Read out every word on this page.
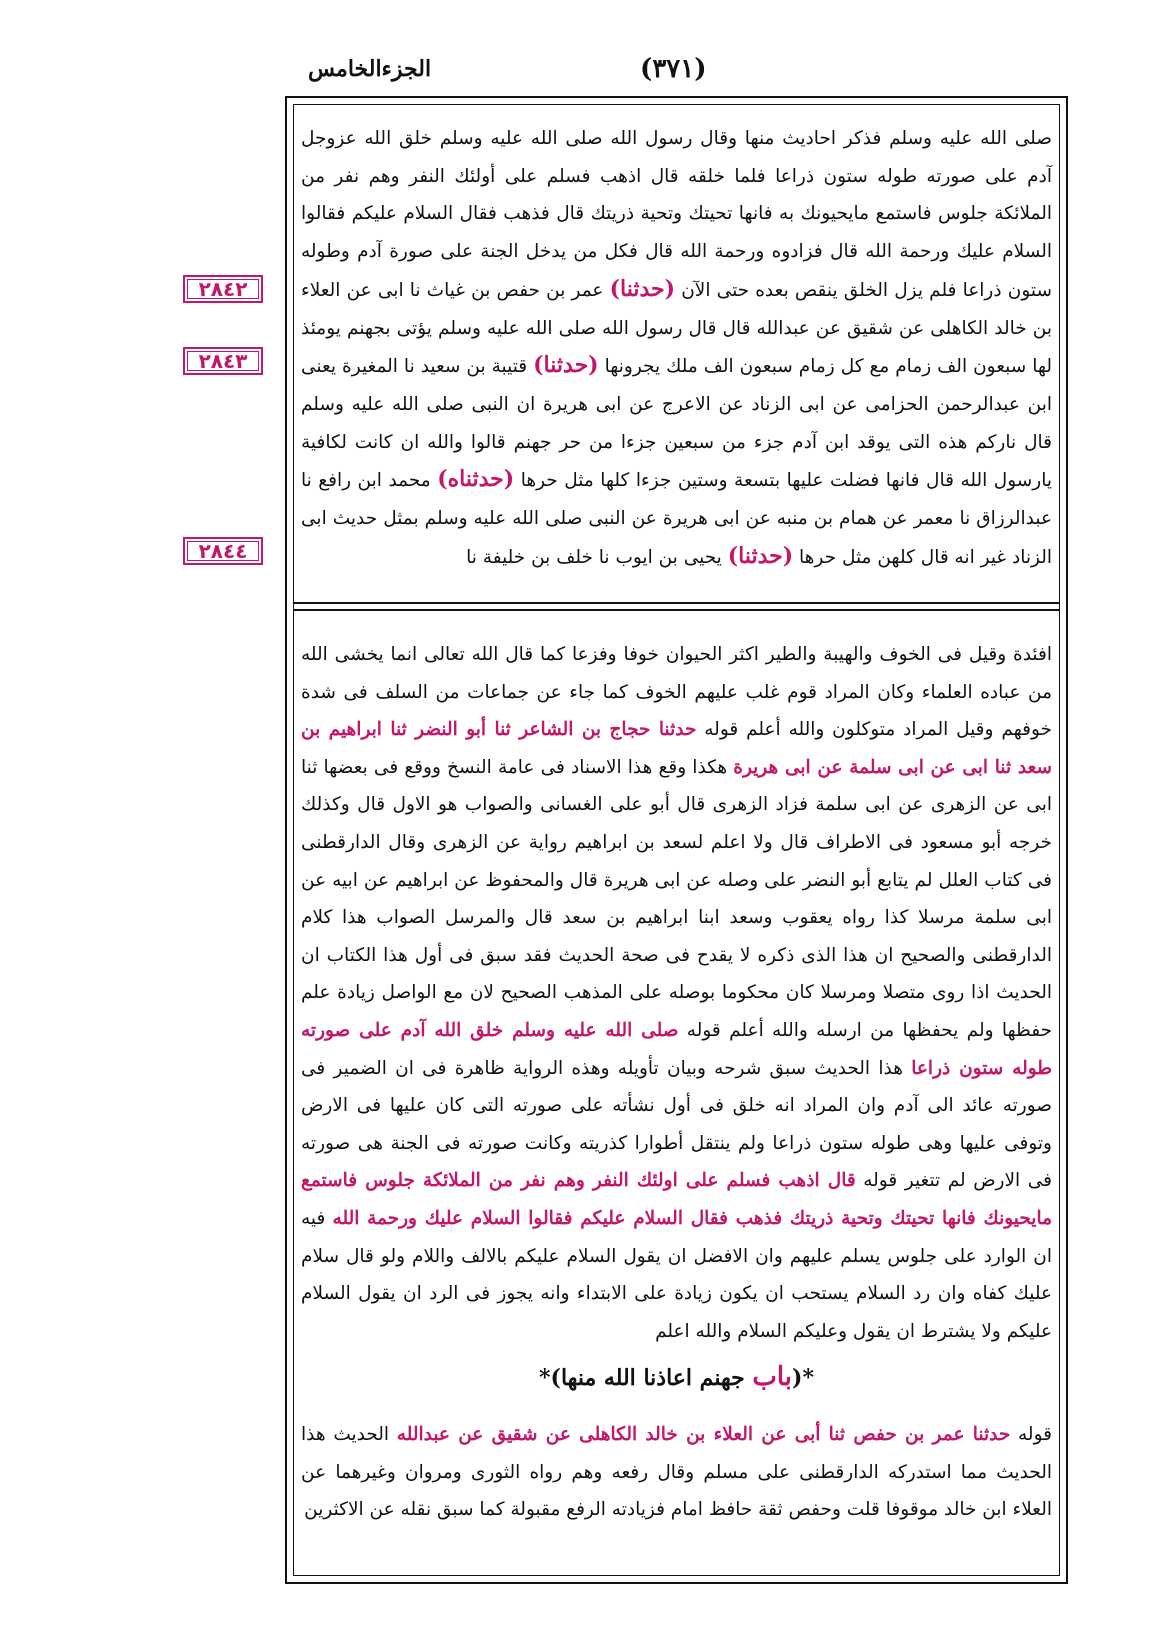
(٣٧١)
الجزءالخامس
٢٨٤٢
٢٨٤٣
٢٨٤٤

صلى الله عليه وسلم فذكر احاديث منها وقال رسول الله صلى الله عليه وسلم خلق الله عزوجل آدم على صورته طوله ستون ذراعا فلما خلقه قال اذهب فسلم على أولئك النفر وهم نفر من الملائكة جلوس فاستمع مايحيونك به فانها تحيتك وتحية ذريتك قال فذهب فقال السلام عليكم فقالوا السلام عليك ورحمة الله قال فزادوه ورحمة الله قال فكل من يدخل الجنة على صورة آدم وطوله ستون ذراعا فلم يزل الخلق ينقص بعده حتى الآن (حدثنا) عمر بن حفص بن غياث نا ابى عن العلاء بن خالد الكاهلى عن شقيق عن عبدالله قال قال رسول الله صلى الله عليه وسلم يؤتى بجهنم يومئذ لها سبعون الف زمام مع كل زمام سبعون الف ملك يجرونها (حدثنا) قتيبة بن سعيد نا المغيرة يعنى ابن عبدالرحمن الحزامى عن ابى الزناد عن الاعرج عن ابى هريرة ان النبى صلى الله عليه وسلم قال ناركم هذه التى يوقد ابن آدم جزء من سبعين جزءا من حر جهنم قالوا والله ان كانت لكافية يارسول الله قال فانها فضلت عليها بتسعة وستين جزءا كلها مثل حرها (حدثناه) محمد ابن رافع نا عبدالرزاق نا معمر عن همام بن منبه عن ابى هريرة عن النبى صلى الله عليه وسلم بمثل حديث ابى الزناد غير انه قال كلهن مثل حرها (حدثنا) يحيى بن ايوب نا خلف بن خليفة نا

افئدة وقيل فى الخوف والهيبة والطير اكثر الحيوان خوفا وفزعا كما قال الله تعالى انما يخشى الله من عباده العلماء وكان المراد قوم غلب عليهم الخوف كما جاء عن جماعات من السلف فى شدة خوفهم وقيل المراد متوكلون والله أعلم قوله حدثنا حجاج بن الشاعر ثنا أبو النضر ثنا ابراهيم بن سعد ثنا ابى عن ابى سلمة عن ابى هريرة هكذا وقع هذا الاسناد فى عامة النسخ ووقع فى بعضها ثنا ابى عن الزهرى عن ابى سلمة فزاد الزهرى قال أبو على الغسانى والصواب هو الاول قال وكذلك خرجه أبو مسعود فى الاطراف قال ولا اعلم لسعد بن ابراهيم رواية عن الزهرى وقال الدارقطنى فى كتاب العلل لم يتابع أبو النضر على وصله عن ابى هريرة قال والمحفوظ عن ابراهيم عن ابيه عن ابى سلمة مرسلا كذا رواه يعقوب وسعد ابنا ابراهيم بن سعد قال والمرسل الصواب هذا كلام الدارقطنى والصحيح ان هذا الذى ذكره لا يقدح فى صحة الحديث فقد سبق فى أول هذا الكتاب ان الحديث اذا روى متصلا ومرسلا كان محكوما بوصله على المذهب الصحيح لان مع الواصل زيادة علم حفظها ولم يحفظها من ارسله والله أعلم قوله صلى الله عليه وسلم خلق الله آدم على صورته طوله ستون ذراعا هذا الحديث سبق شرحه وبيان تأويله وهذه الرواية ظاهرة فى ان الضمير فى صورته عائد الى آدم وان المراد انه خلق فى أول نشأته على صورته التى كان عليها فى الارض وتوفى عليها وهى طوله ستون ذراعا ولم ينتقل أطوارا كذريته وكانت صورته فى الجنة هى صورته فى الارض لم تتغير قوله قال اذهب فسلم على اولئك النفر وهم نفر من الملائكة جلوس فاستمع مايحيونك فانها تحيتك وتحية ذريتك فذهب فقال السلام عليكم فقالوا السلام عليك ورحمة الله فيه ان الوارد على جلوس يسلم عليهم وان الافضل ان يقول السلام عليكم بالالف واللام ولو قال سلام عليك كفاه وان رد السلام يستحب ان يكون زيادة على الابتداء وانه يجوز فى الرد ان يقول السلام عليكم ولا يشترط ان يقول وعليكم السلام والله اعلم

*(باب جهنم اعاذنا الله منها)*

قوله حدثنا عمر بن حفص ثنا أبى عن العلاء بن خالد الكاهلى عن شقيق عن عبدالله الحديث هذا الحديث مما استدركه الدارقطنى على مسلم وقال رفعه وهم رواه الثورى ومروان وغيرهما عن العلاء ابن خالد موقوفا قلت وحفص ثقة حافظ امام فزيادته الرفع مقبولة كما سبق نقله عن الاكثرين
